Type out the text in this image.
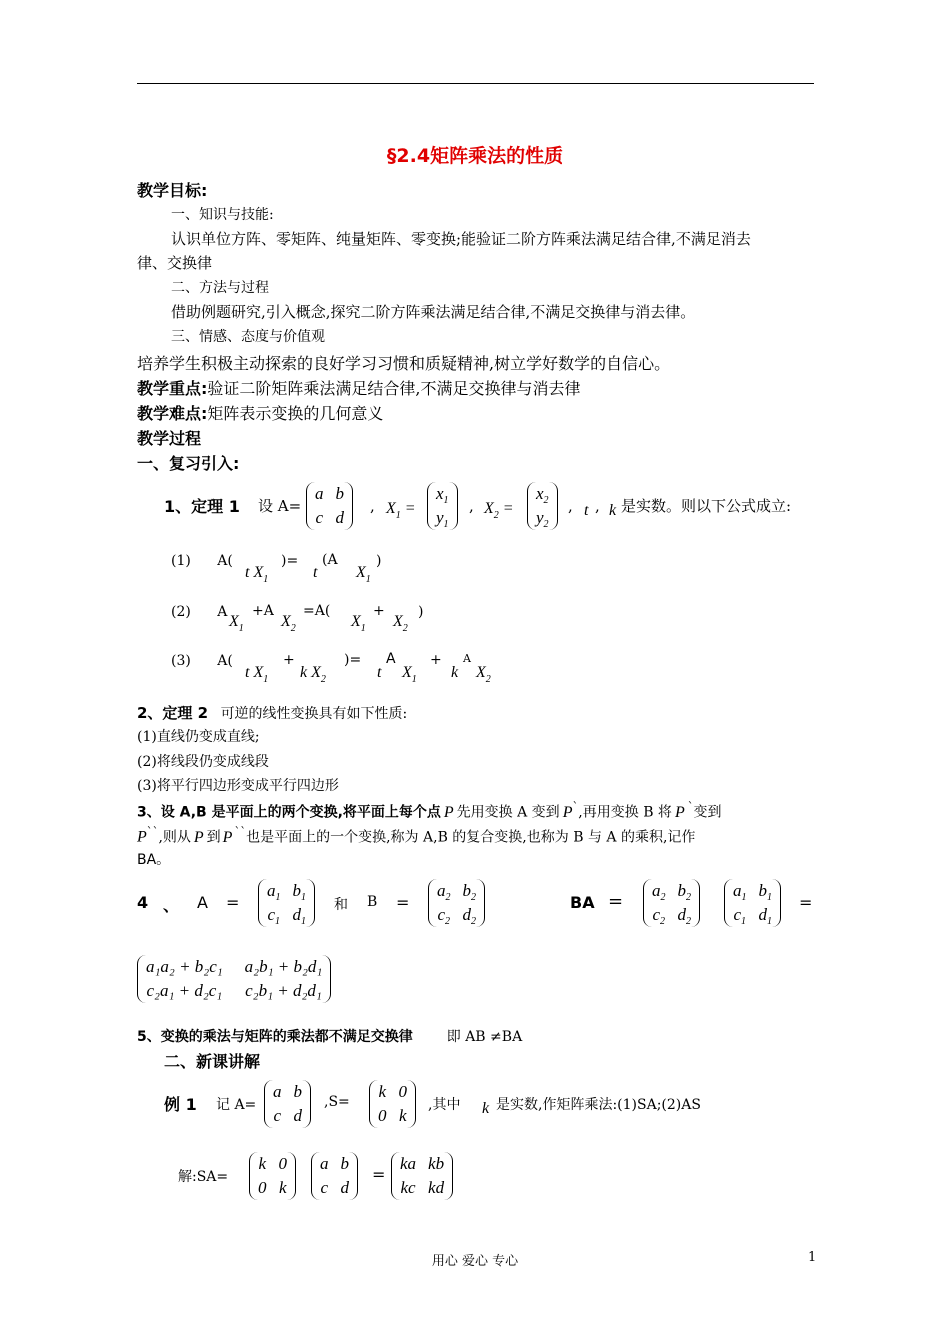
§2.4矩阵乘法的性质
教学目标:
一、知识与技能:
认识单位方阵、零矩阵、纯量矩阵、零变换;能验证二阶方阵乘法满足结合律,不满足消去
律、交换律
二、方法与过程
借助例题研究,引入概念,探究二阶方阵乘法满足结合律,不满足交换律与消去律。
三、情感、态度与价值观
培养学生积极主动探索的良好学习习惯和质疑精神,树立学好数学的自信心。
教学重点:验证二阶矩阵乘法满足结合律,不满足交换律与消去律
教学难点:矩阵表示变换的几何意义
教学过程
一、复习引入:
1、定理 1 设 A=
a b
c d
, $X_1$ =
$x_1$
$y_1$
, $X_2$ =
$x_2$
$y_2$
, t , k 是实数。则以下公式成立:
(1) A(
t $X_1$
)=
t
(A
$X_1$
)
(2) A
$X_1$
+A
$X_2$
=A(
$X_1$
+
$X_2$
)
(3) A(
t $X_1$
+
k $X_2$
)=
t
A
$X_1$
+
k
A
$X_2$
2、定理 2 可逆的线性变换具有如下性质:
(1)直线仍变成直线;
(2)将线段仍变成线段
(3)将平行四边形变成平行四边形
3、设 A,B 是平面上的两个变换,将平面上每个点 P 先用变换 A 变到 P`,再用变换 B 将 P `变到
P``,则从 P 到 P ``也是平面上的一个变换,称为 A,B 的复合变换,也称为 B 与 A 的乘积,记作
BA。
4 、 A =
$a_1$ $b_1$
$c_1$ $d_1$
和 B =
$a_2$ $b_2$
$c_2$ $d_2$
BA =
$a_2$ $b_2$
$c_2$ $d_2$
$a_1$ $b_1$
$c_1$ $d_1$
=
a₁a₂ + b₂c₁ a₂b₁ + b₂d₁
c₂a₁ + d₂c₁ c₂b₁ + d₂d₁
5、变换的乘法与矩阵的乘法都不满足交换律 即 AB ≠BA
二、新课讲解
例 1 记 A=
a b
c d
,S=
k 0
0 k
,其中 k 是实数,作矩阵乘法:(1)SA;(2)AS
解:SA=
k 0
0 k
a b
c d
=
ka kb
kc kd
用心 爱心 专心	1
